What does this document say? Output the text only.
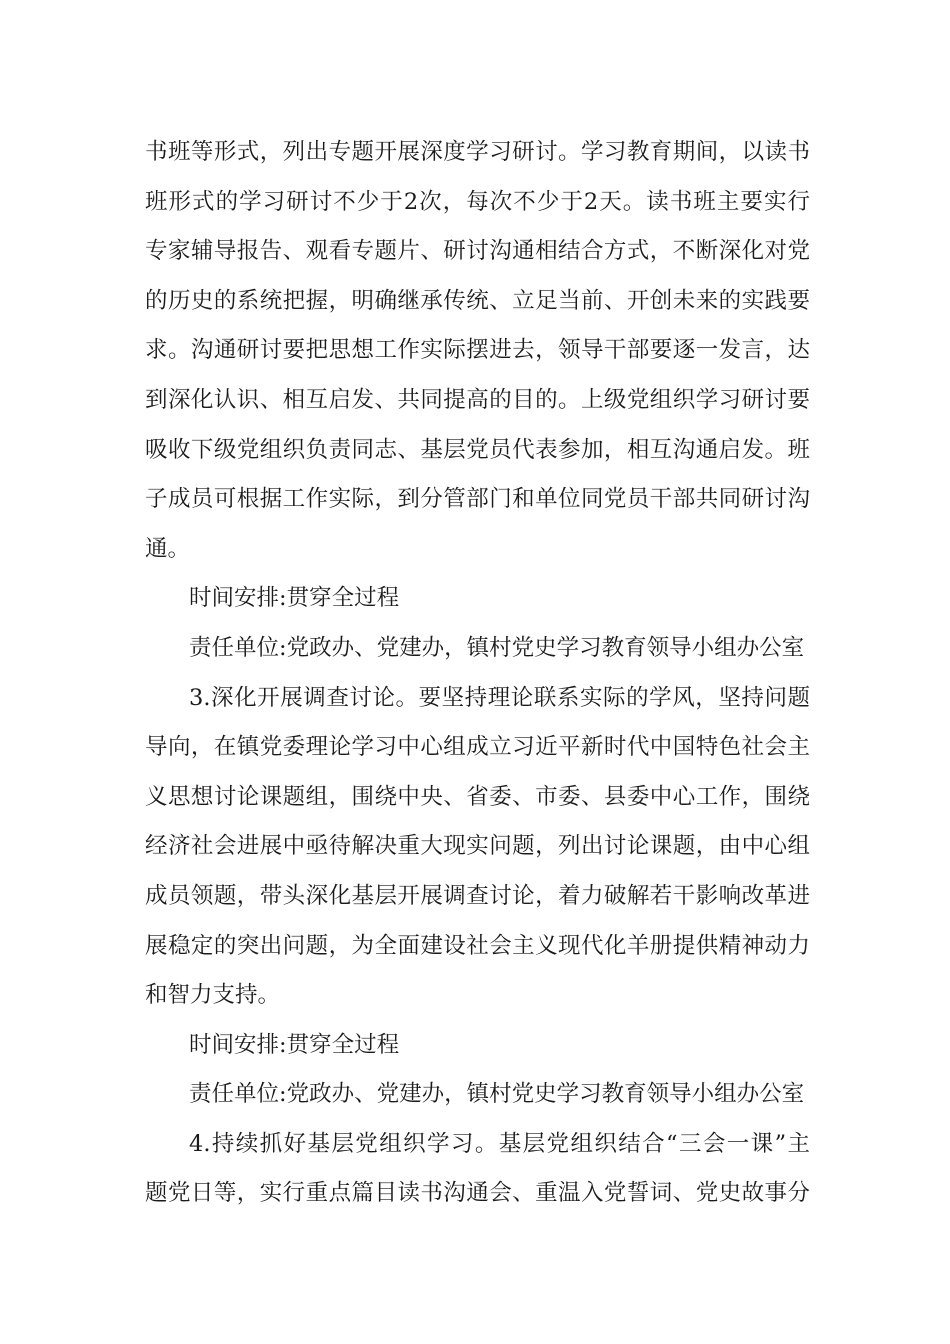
书班等形式，列出专题开展深度学习研讨。学习教育期间，以读书
班形式的学习研讨不少于2次，每次不少于2天。读书班主要实行
专家辅导报告、观看专题片、研讨沟通相结合方式，不断深化对党
的历史的系统把握，明确继承传统、立足当前、开创未来的实践要
求。沟通研讨要把思想工作实际摆进去，领导干部要逐一发言，达
到深化认识、相互启发、共同提高的目的。上级党组织学习研讨要
吸收下级党组织负责同志、基层党员代表参加，相互沟通启发。班
子成员可根据工作实际，到分管部门和单位同党员干部共同研讨沟
通。
时间安排:贯穿全过程
责任单位:党政办、党建办，镇村党史学习教育领导小组办公室
3.深化开展调查讨论。要坚持理论联系实际的学风，坚持问题
导向，在镇党委理论学习中心组成立习近平新时代中国特色社会主
义思想讨论课题组，围绕中央、省委、市委、县委中心工作，围绕
经济社会进展中亟待解决重大现实问题，列出讨论课题，由中心组
成员领题，带头深化基层开展调查讨论，着力破解若干影响改革进
展稳定的突出问题，为全面建设社会主义现代化羊册提供精神动力
和智力支持。
时间安排:贯穿全过程
责任单位:党政办、党建办，镇村党史学习教育领导小组办公室
4.持续抓好基层党组织学习。基层党组织结合“三会一课”主
题党日等，实行重点篇目读书沟通会、重温入党誓词、党史故事分
